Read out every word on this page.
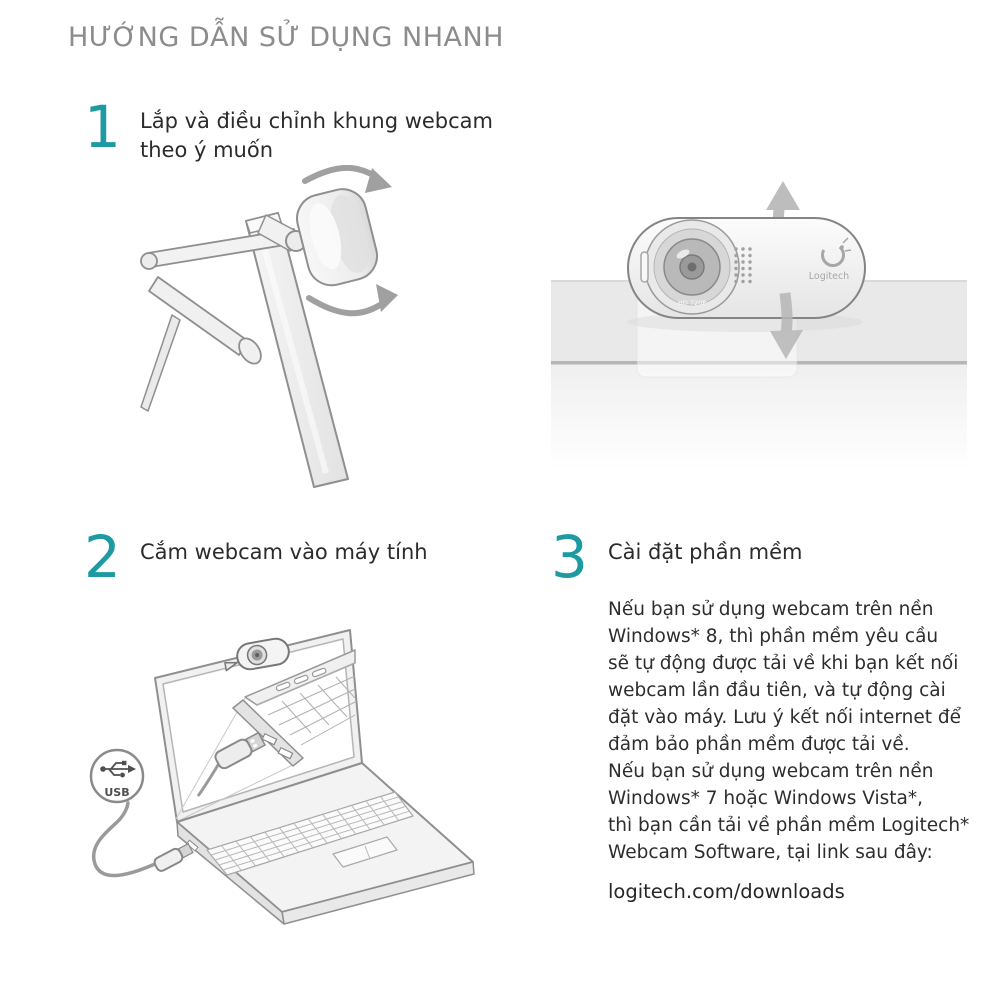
HƯỚNG DẪN SỬ DỤNG NHANH
1 Lắp và điều chỉnh khung webcam
theo ý muốn
HD 720P
Logitech
2 Cắm webcam vào máy tính
USB
3 Cài đặt phần mềm
Nếu bạn sử dụng webcam trên nền
Windows* 8, thì phần mềm yêu cầu
sẽ tự động được tải về khi bạn kết nối
webcam lần đầu tiên, và tự động cài
đặt vào máy. Lưu ý kết nối internet để
đảm bảo phần mềm được tải về.
Nếu bạn sử dụng webcam trên nền
Windows* 7 hoặc Windows Vista*,
thì bạn cần tải về phần mềm Logitech*
Webcam Software, tại link sau đây:
logitech.com/downloads
